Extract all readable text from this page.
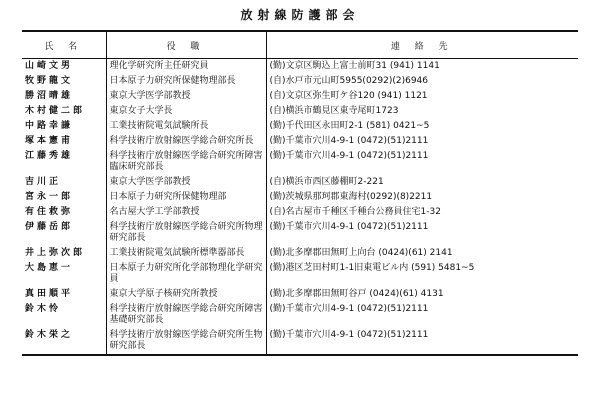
放射線防護部会
氏 名	役 職	連 絡 先
山崎文男	理化学研究所主任研究員	(勤)文京区駒込上富士前町31 (941) 1141
牧野龍文	日本原子力研究所保健物理部長	(自)水戸市元山町5955(0292)(2)6946
勝沼晴雄	東京大学医学部教授	(自)文京区弥生町ケ谷120 (941) 1121
木村健二郎	東京女子大学長	(自)横浜市鶴見区東寺尾町1723
中路幸謙	工業技術院電気試験所長	(勤)千代田区永田町2-1 (581) 0421~5
塚本憲甫	科学技術庁放射線医学総合研究所長	(勤)千葉市穴川4-9-1 (0472)(51)2111
江藤秀雄	科学技術庁放射線医学総合研究所障害臨床研究部長	(勤)千葉市穴川4-9-1 (0472)(51)2111
吉川正	東京大学医学部教授	(自)横浜市西区藤棚町2-221
宮永一郎	日本原子力研究所保健物理部	(勤)茨城県那珂郡東海村(0292)(8)2211
有住救弥	名古屋大学工学部教授	(自)名古屋市千種区千種台公務員住宅1-32
伊藤岳郎	科学技術庁放射線医学総合研究所物理研究部長	(勤)千葉市穴川4-9-1 (0472)(51)2111
井上弥次郎	工業技術院電気試験所標準器部長	(勤)北多摩郡田無町上向台 (0424)(61) 2141
大島恵一	日本原子力研究所化学部物理化学研究員	(勤)港区芝田村町1-1旧東電ビル内 (591) 5481~5
真田順平	東京大学原子核研究所教授	(勤)北多摩郡田無町谷戸 (0424)(61) 4131
鈴木怜	科学技術庁放射線医学総合研究所障害基礎研究部長	(勤)千葉市穴川4-9-1 (0472)(51)2111
鈴木栄之	科学技術庁放射線医学総合研究所生物研究部長	(勤)千葉市穴川4-9-1 (0472)(51)2111
